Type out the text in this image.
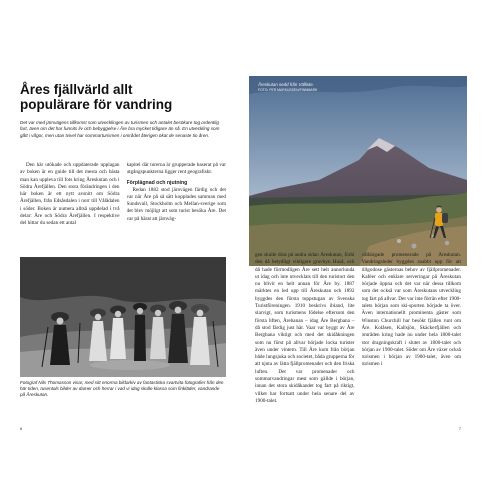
Åres fjällvärld allt
populärare för vandring

Det var med järnvägens tillkomst som utvecklingen av turismen och antalet besökare tog ordentlig fart, även om det har funnits liv och bebyggelse i Åre bra mycket tidigare än så. En utveckling som gått i vågor, men utan tvivel har sommarturismen i området återigen ökat de senaste tio åren.

Den här utökade och uppdaterade upplagan av boken är en guide till det mesta och bästa man kan uppleva till fots kring Åreskutan och i Södra Årefjällen. Den stora förändringen i den här boken är ett nytt avsnitt om Södra Årefjällen, från Edsåsdalen i norr till Vålådalen i söder. Boken är numera alltså uppdelad i två delar: Åre och Södra Årefjällen. I respektive del hittar du sedan ett antal

kapitel där turerna är grupperade baserat på var utgångspunkterna ligger rent geografiskt.

Förplägnad och njutning

Redan 1882 stod järnvägen färdig och det var när Åre på så sätt kopplades samman med Sundsvall, Stockholm och Mellan-sverige som det blev möjligt att som turist besöka Åre. Det var på härat att järnväg-

Fotograf Nils Thomasson visar, med sitt enorma bildarkiv av fantastiska svartvita fotografier från den här tiden, tusentals bilder av damer och herrar i vad vi idag skulle klassa som finkläder, vandrande på Åreskutan.

6
Åreskutan sedd från Välliste.
FOTO: PER MARKUSSEN/FINNMARK

gen skulle dras på andra sidan Åreskutan, förbi den då betydligt viktigare gruvbyn Huså, och då hade förmodligen Åre sett helt annorlunda ut idag och inte utvecklats till den turistort den nu blivit en helt annan för Åre by. 1887 märktes en led upp till Åreskutan och 1892 byggdes den första toppstugan av Svenska Turistföreningen. 1910 beskrivs ibland, lite slarvigt, som turismens födelse eftersom den första liften, Årebanan – idag Åre Bergbana – då stod färdig just här. Vaar var byggt av Åre Bergbana viktigt och med det skidåkningen som nu först på allvar började locka turister även under vintern. Till Åre kom från början både lungsjuka och societet, båda grupperna för att njuta av lätta fjällpromenader och den friska luften. Det var promenader och sommarvandringar mest som gällde i början, innan det stora skidåkandet tog fart på riktigt, vilket har fortsatt under hela senare del av 1900-talet.

välbärgade promenerade på Åreskutan. Vandringsleder byggdes snabbt upp för att tillgodose gästernas behov av fjällpromenader. Kaféer och enklare serveringar på Åreskutan började öppna och det var när dessa tillkom som det också var som Åreskutans utveckling tog fart på allvar. Det var inte förrän efter 1900-talets början som ski-sporten började ta över. Även internationellt prominenta gäster som Winston Churchill har besökt fjällen runt om Åre. Kolåsen, Kallsjön, Skäckerfjällen och områden kring hade nu under hela 1800-talet stor dragningskraft i slutet av 1800-talet och början av 1900-talet. Söder om Åre växer också turismen i början av 1900-talet, även om turismen i

7
